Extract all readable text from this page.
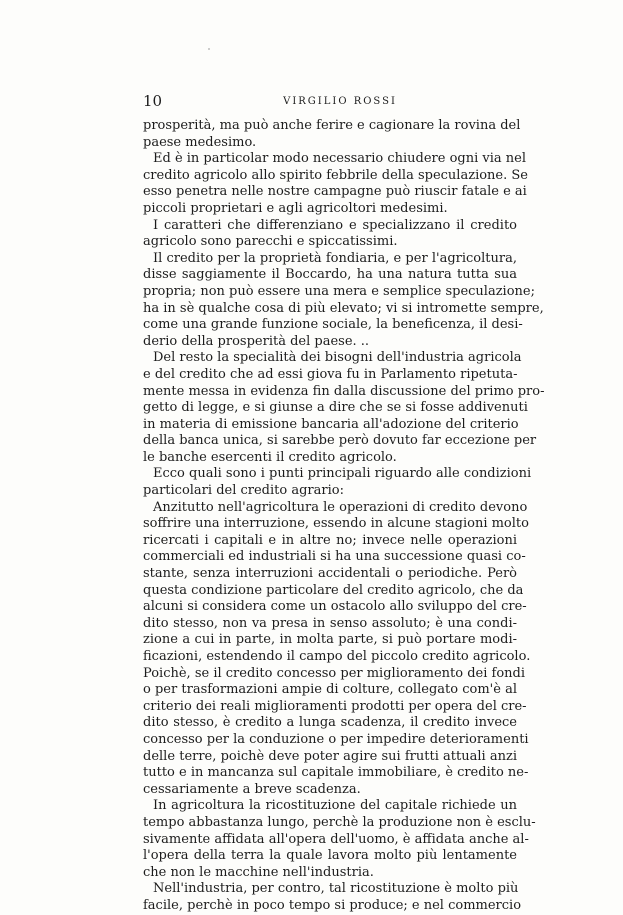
10	VIRGILIO ROSSI
prosperità, ma può anche ferire e cagionare la rovina del
paese medesimo.
Ed è in particolar modo necessario chiudere ogni via nel
credito agricolo allo spirito febbrile della speculazione. Se
esso penetra nelle nostre campagne può riuscir fatale e ai
piccoli proprietari e agli agricoltori medesimi.
I caratteri che differenziano e specializzano il credito
agricolo sono parecchi e spiccatissimi.
Il credito per la proprietà fondiaria, e per l'agricoltura,
disse saggiamente il Boccardo, ha una natura tutta sua
propria; non può essere una mera e semplice speculazione;
ha in sè qualche cosa di più elevato; vi si intromette sempre,
come una grande funzione sociale, la beneficenza, il desi-
derio della prosperità del paese. ..
Del resto la specialità dei bisogni dell'industria agricola
e del credito che ad essi giova fu in Parlamento ripetuta-
mente messa in evidenza fin dalla discussione del primo pro-
getto di legge, e si giunse a dire che se si fosse addivenuti
in materia di emissione bancaria all'adozione del criterio
della banca unica, si sarebbe però dovuto far eccezione per
le banche esercenti il credito agricolo.
Ecco quali sono i punti principali riguardo alle condizioni
particolari del credito agrario:
Anzitutto nell'agricoltura le operazioni di credito devono
soffrire una interruzione, essendo in alcune stagioni molto
ricercati i capitali e in altre no; invece nelle operazioni
commerciali ed industriali si ha una successione quasi co-
stante, senza interruzioni accidentali o periodiche. Però
questa condizione particolare del credito agricolo, che da
alcuni si considera come un ostacolo allo sviluppo del cre-
dito stesso, non va presa in senso assoluto; è una condi-
zione a cui in parte, in molta parte, si può portare modi-
ficazioni, estendendo il campo del piccolo credito agricolo.
Poichè, se il credito concesso per miglioramento dei fondi
o per trasformazioni ampie di colture, collegato com'è al
criterio dei reali miglioramenti prodotti per opera del cre-
dito stesso, è credito a lunga scadenza, il credito invece
concesso per la conduzione o per impedire deterioramenti
delle terre, poichè deve poter agire sui frutti attuali anzi
tutto e in mancanza sul capitale immobiliare, è credito ne-
cessariamente a breve scadenza.
In agricoltura la ricostituzione del capitale richiede un
tempo abbastanza lungo, perchè la produzione non è esclu-
sivamente affidata all'opera dell'uomo, è affidata anche al-
l'opera della terra la quale lavora molto più lentamente
che non le macchine nell'industria.
Nell'industria, per contro, tal ricostituzione è molto più
facile, perchè in poco tempo si produce; e nel commercio
